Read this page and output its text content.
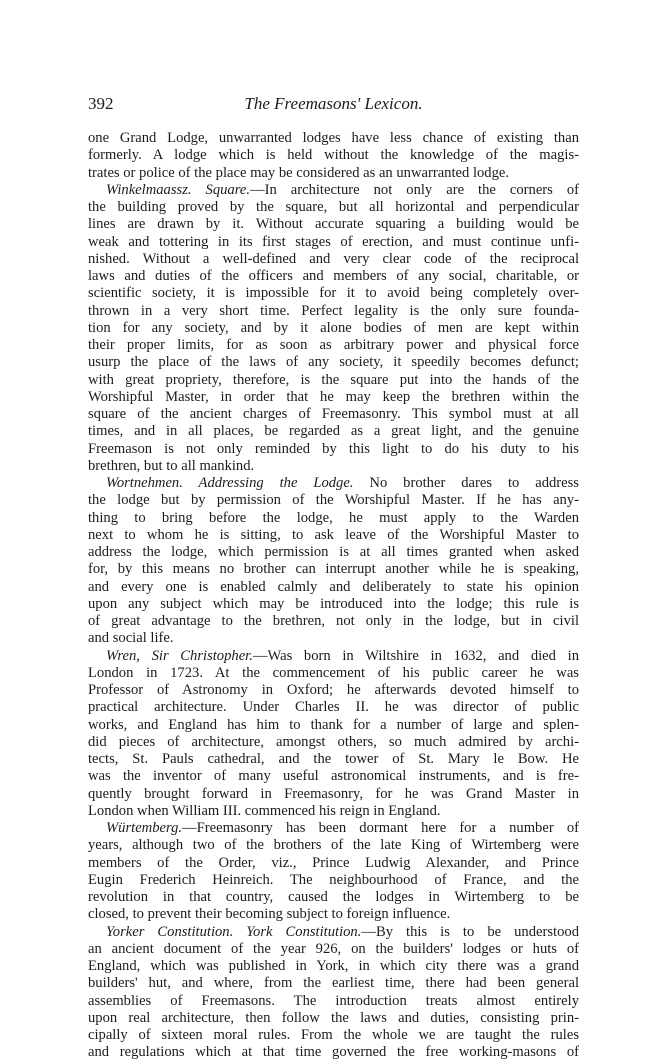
392	The Freemasons' Lexicon.
one Grand Lodge, unwarranted lodges have less chance of existing than
formerly. A lodge which is held without the knowledge of the magis-
trates or police of the place may be considered as an unwarranted lodge.
Winkelmaassz. Square.—In architecture not only are the corners of
the building proved by the square, but all horizontal and perpendicular
lines are drawn by it. Without accurate squaring a building would be
weak and tottering in its first stages of erection, and must continue unfi-
nished. Without a well-defined and very clear code of the reciprocal
laws and duties of the officers and members of any social, charitable, or
scientific society, it is impossible for it to avoid being completely over-
thrown in a very short time. Perfect legality is the only sure founda-
tion for any society, and by it alone bodies of men are kept within
their proper limits, for as soon as arbitrary power and physical force
usurp the place of the laws of any society, it speedily becomes defunct;
with great propriety, therefore, is the square put into the hands of the
Worshipful Master, in order that he may keep the brethren within the
square of the ancient charges of Freemasonry. This symbol must at all
times, and in all places, be regarded as a great light, and the genuine
Freemason is not only reminded by this light to do his duty to his
brethren, but to all mankind.
Wortnehmen. Addressing the Lodge. No brother dares to address
the lodge but by permission of the Worshipful Master. If he has any-
thing to bring before the lodge, he must apply to the Warden
next to whom he is sitting, to ask leave of the Worshipful Master to
address the lodge, which permission is at all times granted when asked
for, by this means no brother can interrupt another while he is speaking,
and every one is enabled calmly and deliberately to state his opinion
upon any subject which may be introduced into the lodge; this rule is
of great advantage to the brethren, not only in the lodge, but in civil
and social life.
Wren, Sir Christopher.—Was born in Wiltshire in 1632, and died in
London in 1723. At the commencement of his public career he was
Professor of Astronomy in Oxford; he afterwards devoted himself to
practical architecture. Under Charles II. he was director of public
works, and England has him to thank for a number of large and splen-
did pieces of architecture, amongst others, so much admired by archi-
tects, St. Pauls cathedral, and the tower of St. Mary le Bow. He
was the inventor of many useful astronomical instruments, and is fre-
quently brought forward in Freemasonry, for he was Grand Master in
London when William III. commenced his reign in England.
Würtemberg.—Freemasonry has been dormant here for a number of
years, although two of the brothers of the late King of Wirtemberg were
members of the Order, viz., Prince Ludwig Alexander, and Prince
Eugin Frederich Heinreich. The neighbourhood of France, and the
revolution in that country, caused the lodges in Wirtemberg to be
closed, to prevent their becoming subject to foreign influence.
Yorker Constitution. York Constitution.—By this is to be understood
an ancient document of the year 926, on the builders' lodges or huts of
England, which was published in York, in which city there was a grand
builders' hut, and where, from the earliest time, there had been general
assemblies of Freemasons. The introduction treats almost entirely
upon real architecture, then follow the laws and duties, consisting prin-
cipally of sixteen moral rules. From the whole we are taught the rules
and regulations which at that time governed the free working-masons of
